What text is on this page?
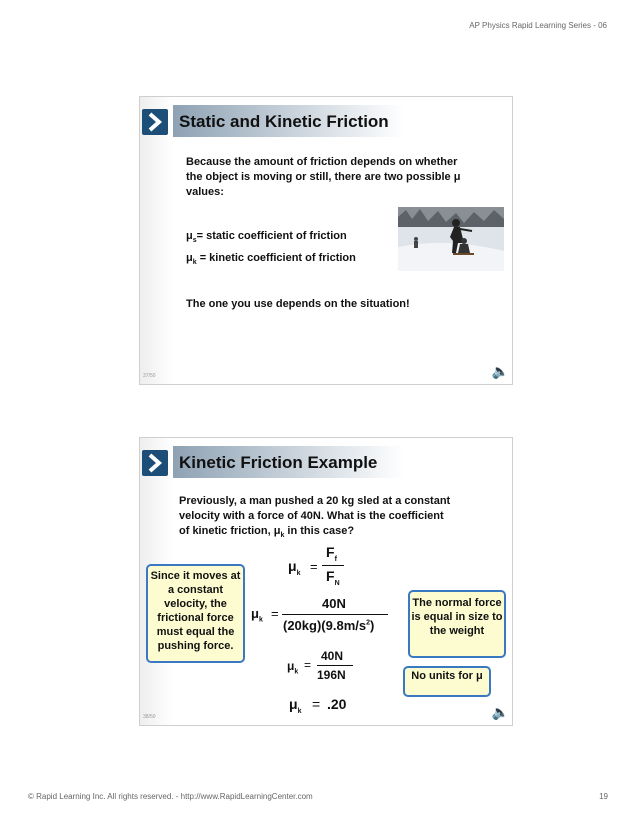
AP Physics Rapid Learning Series - 06
37/50
Static and Kinetic Friction
Because the amount of friction depends on whether the object is moving or still, there are two possible μ values:
$\mu_s=$ static coefficient of friction
$\mu_k$ = kinetic coefficient of friction
The one you use depends on the situation!
🔈
38/50
Kinetic Friction Example
Previously, a man pushed a 20 kg sled at a constant velocity with a force of 40N. What is the coefficient of kinetic friction, $\mu_k$ in this case?
$\mu_k$ =
$F_f$
$F_N$
$\mu_k$ =
40N
$(20kg)(9.8m/s^2)$
$\mu_k$ =
40N
196N
$\mu_k = .20$
Since it moves at a constant velocity, the frictional force must equal the pushing force.
The normal force is equal in size to the weight
No units for μ
🔈
© Rapid Learning Inc. All rights reserved. - http://www.RapidLearningCenter.com	19
